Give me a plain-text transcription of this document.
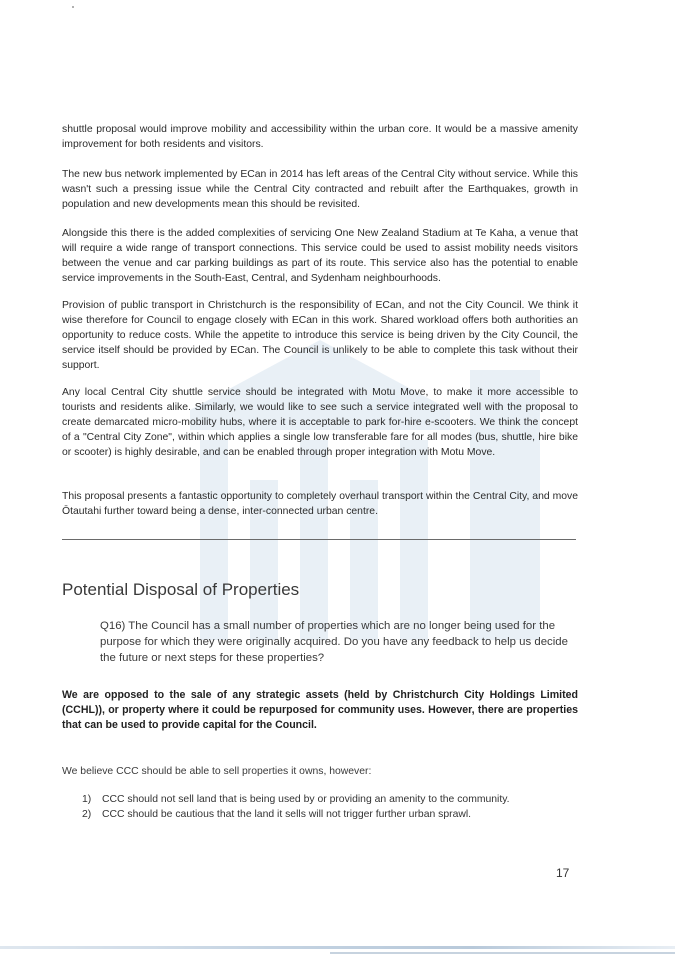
shuttle proposal would improve mobility and accessibility within the urban core. It would be a massive amenity improvement for both residents and visitors.

The new bus network implemented by ECan in 2014 has left areas of the Central City without service. While this wasn't such a pressing issue while the Central City contracted and rebuilt after the Earthquakes, growth in population and new developments mean this should be revisited.

Alongside this there is the added complexities of servicing One New Zealand Stadium at Te Kaha, a venue that will require a wide range of transport connections. This service could be used to assist mobility needs visitors between the venue and car parking buildings as part of its route. This service also has the potential to enable service improvements in the South-East, Central, and Sydenham neighbourhoods.

Provision of public transport in Christchurch is the responsibility of ECan, and not the City Council. We think it wise therefore for Council to engage closely with ECan in this work. Shared workload offers both authorities an opportunity to reduce costs. While the appetite to introduce this service is being driven by the City Council, the service itself should be provided by ECan. The Council is unlikely to be able to complete this task without their support.

Any local Central City shuttle service should be integrated with Motu Move, to make it more accessible to tourists and residents alike. Similarly, we would like to see such a service integrated well with the proposal to create demarcated micro-mobility hubs, where it is acceptable to park for-hire e-scooters. We think the concept of a "Central City Zone", within which applies a single low transferable fare for all modes (bus, shuttle, hire bike or scooter) is highly desirable, and can be enabled through proper integration with Motu Move.

This proposal presents a fantastic opportunity to completely overhaul transport within the Central City, and move Ōtautahi further toward being a dense, inter-connected urban centre.

Potential Disposal of Properties

Q16) The Council has a small number of properties which are no longer being used for the purpose for which they were originally acquired. Do you have any feedback to help us decide the future or next steps for these properties?

We are opposed to the sale of any strategic assets (held by Christchurch City Holdings Limited (CCHL)), or property where it could be repurposed for community uses. However, there are properties that can be used to provide capital for the Council.

We believe CCC should be able to sell properties it owns, however:

1)	CCC should not sell land that is being used by or providing an amenity to the community.
2)	CCC should be cautious that the land it sells will not trigger further urban sprawl.
17
